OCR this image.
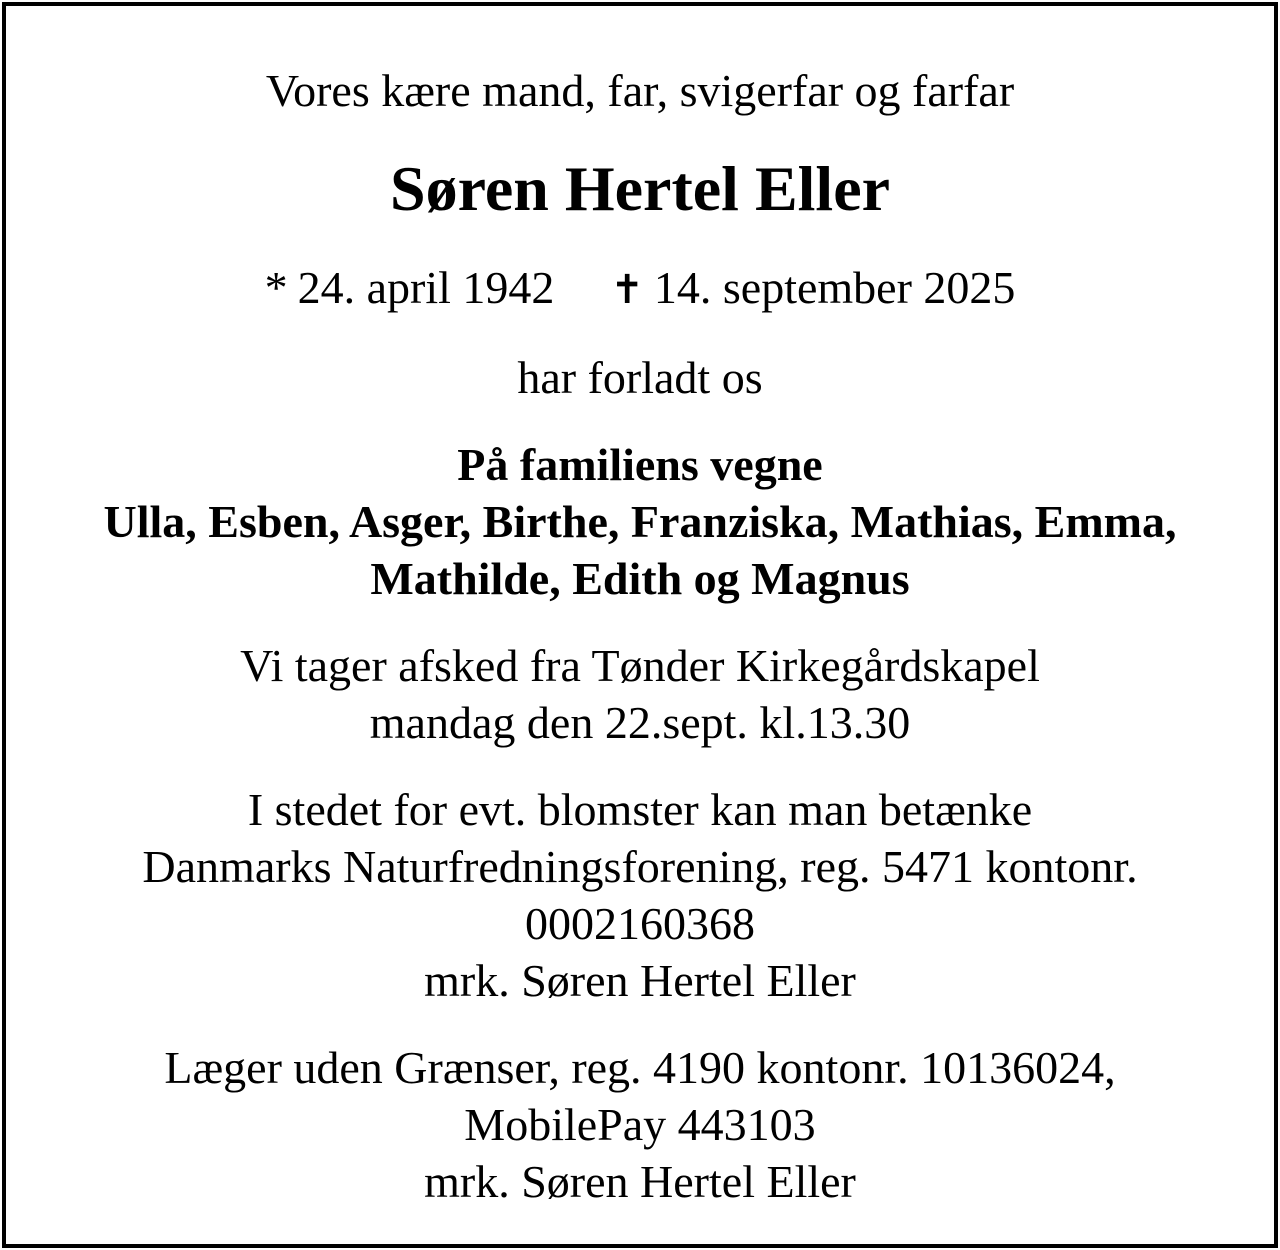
Vores kære mand, far, svigerfar og farfar
Søren Hertel Eller
* 24. april 1942 ✝ 14. september 2025
har forladt os
På familiens vegne
Ulla, Esben, Asger, Birthe, Franziska, Mathias, Emma,
Mathilde, Edith og Magnus
Vi tager afsked fra Tønder Kirkegårdskapel
mandag den 22.sept. kl.13.30
I stedet for evt. blomster kan man betænke
Danmarks Naturfredningsforening, reg. 5471 kontonr.
0002160368
mrk. Søren Hertel Eller
Læger uden Grænser, reg. 4190 kontonr. 10136024,
MobilePay 443103
mrk. Søren Hertel Eller
